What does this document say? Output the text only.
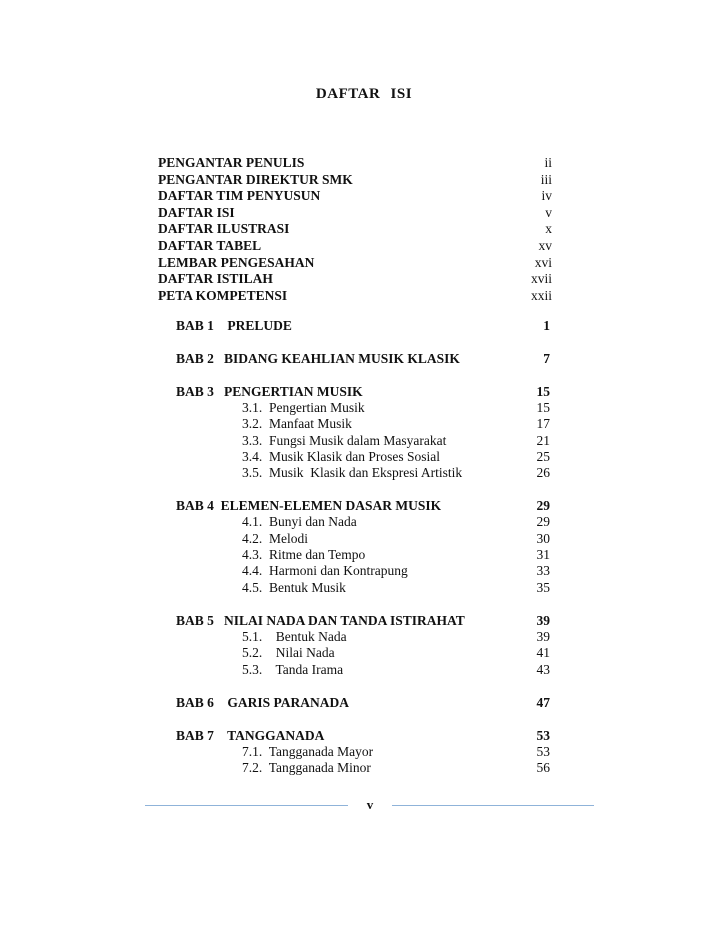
DAFTAR ISI
PENGANTAR PENULIS	ii
PENGANTAR DIREKTUR SMK	iii
DAFTAR TIM PENYUSUN	iv
DAFTAR ISI	v
DAFTAR ILUSTRASI	x
DAFTAR TABEL	xv
LEMBAR PENGESAHAN	xvi
DAFTAR ISTILAH	xvii
PETA KOMPETENSI	xxii
BAB 1    PRELUDE	1
BAB 2   BIDANG KEAHLIAN MUSIK KLASIK	7
BAB 3   PENGERTIAN MUSIK	15
3.1.  Pengertian Musik	15
3.2.  Manfaat Musik	17
3.3.  Fungsi Musik dalam Masyarakat	21
3.4.  Musik Klasik dan Proses Sosial	25
3.5.  Musik  Klasik dan Ekspresi Artistik	26
BAB 4  ELEMEN-ELEMEN DASAR MUSIK	29
4.1.  Bunyi dan Nada	29
4.2.  Melodi	30
4.3.  Ritme dan Tempo	31
4.4.  Harmoni dan Kontrapung	33
4.5.  Bentuk Musik	35
BAB 5   NILAI NADA DAN TANDA ISTIRAHAT	39
5.1.    Bentuk Nada	39
5.2.    Nilai Nada	41
5.3.    Tanda Irama	43
BAB 6    GARIS PARANADA	47
BAB 7    TANGGANADA	53
7.1.  Tangganada Mayor	53
7.2.  Tangganada Minor	56
v
